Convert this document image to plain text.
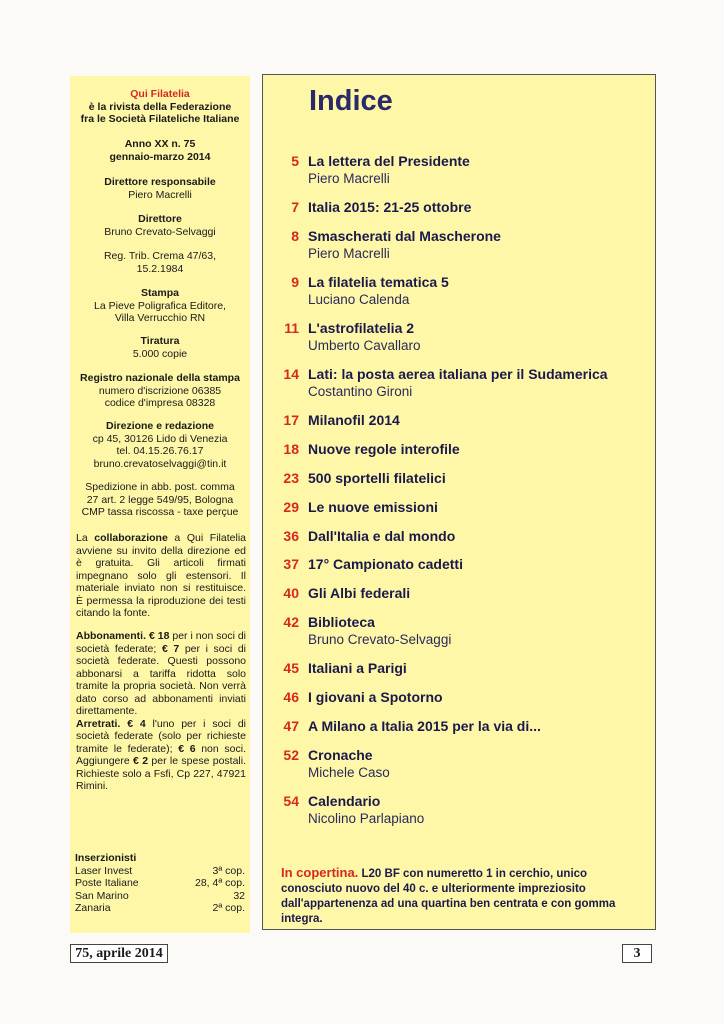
Qui Filatelia
è la rivista della Federazione
fra le Società Filateliche Italiane
Anno XX n. 75
gennaio-marzo 2014
Direttore responsabile
Piero Macrelli
Direttore
Bruno Crevato-Selvaggi
Reg. Trib. Crema 47/63,
15.2.1984
Stampa
La Pieve Poligrafica Editore,
Villa Verrucchio RN
Tiratura
5.000 copie
Registro nazionale della stampa
numero d'iscrizione 06385
codice d'impresa 08328
Direzione e redazione
cp 45, 30126 Lido di Venezia
tel. 04.15.26.76.17
bruno.crevatoselvaggi@tin.it
Spedizione in abb. post. comma
27 art. 2 legge 549/95, Bologna
CMP tassa riscossa - taxe perçue
La collaborazione a Qui Filatelia avviene su invito della direzione ed è gratuita. Gli articoli firmati impegnano solo gli estensori. Il materiale inviato non si restituisce. È permessa la riproduzione dei testi citando la fonte.
Abbonamenti. € 18 per i non soci di società federate; € 7 per i soci di società federate. Questi possono abbonarsi a tariffa ridotta solo tramite la propria società. Non verrà dato corso ad abbonamenti inviati direttamente.
Arretrati. € 4 l'uno per i soci di società federate (solo per richieste tramite le federate); € 6 non soci. Aggiungere € 2 per le spese postali. Richieste solo a Fsfi, Cp 227, 47921 Rimini.
Inserzionisti
Laser Invest	3ª cop.
Poste Italiane	28, 4ª cop.
San Marino	32
Zanaria	2ª cop.
Indice
5 La lettera del Presidente
Piero Macrelli
7 Italia 2015: 21-25 ottobre
8 Smascherati dal Mascherone
Piero Macrelli
9 La filatelia tematica 5
Luciano Calenda
11 L'astrofilatelia 2
Umberto Cavallaro
14 Lati: la posta aerea italiana per il Sudamerica
Costantino Gironi
17 Milanofil 2014
18 Nuove regole interofile
23 500 sportelli filatelici
29 Le nuove emissioni
36 Dall'Italia e dal mondo
37 17° Campionato cadetti
40 Gli Albi federali
42 Biblioteca
Bruno Crevato-Selvaggi
45 Italiani a Parigi
46 I giovani a Spotorno
47 A Milano a Italia 2015 per la via di...
52 Cronache
Michele Caso
54 Calendario
Nicolino Parlapiano
In copertina. L20 BF con numeretto 1 in cerchio, unico conosciuto nuovo del 40 c. e ulteriormente impreziosito dall'appartenenza ad una quartina ben centrata e con gomma integra.
75, aprile 2014	3
